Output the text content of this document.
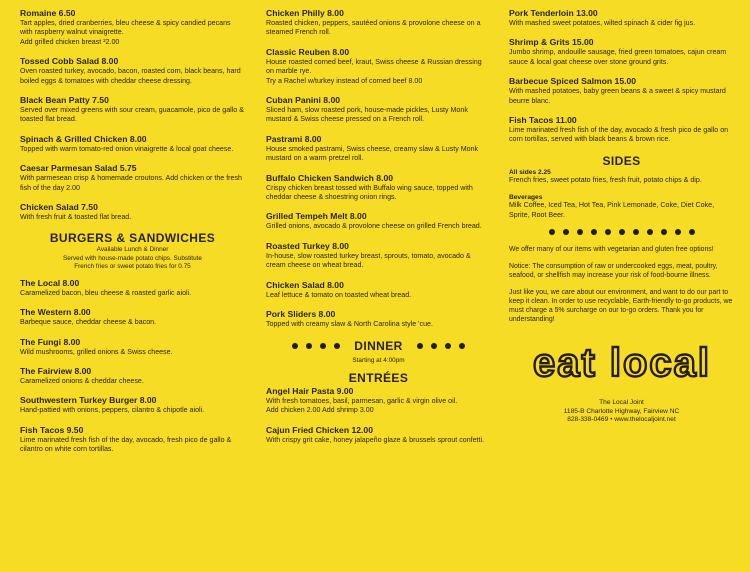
Romaine 6.50
Tart apples, dried cranberries, bleu cheese & spicy candied pecans with raspberry walnut vinaigrette.
Add grilled chicken breast ²2.00
Tossed Cobb Salad 8.00
Oven roasted turkey, avocado, bacon, roasted corn, black beans, hard boiled eggs & tomatoes with cheddar cheese dressing.
Black Bean Patty 7.50
Served over mixed greens with sour cream, guacamole, pico de gallo & toasted flat bread.
Spinach & Grilled Chicken 8.00
Topped with warm tomato-red onion vinaigrette & local goat cheese.
Caesar Parmesan Salad 5.75
With parmesean crisp & homemade croutons. Add chicken or the fresh fish of the day 2.00
Chicken Salad 7.50
With fresh fruit & toasted flat bread.
BURGERS & SANDWICHES
Available Lunch & Dinner
Served with house-made potato chips. Substitute
French fries or sweet potato fries for 0.75
The Local 8.00
Caramelized bacon, bleu cheese & roasted garlic aioli.
The Western 8.00
Barbeque sauce, cheddar cheese & bacon.
The Fungi 8.00
Wild mushrooms, grilled onions & Swiss cheese.
The Fairview 8.00
Caramelized onions & cheddar cheese.
Southwestern Turkey Burger 8.00
Hand-pattied with onions, peppers, cilantro & chipotle aioli.
Fish Tacos 9.50
Lime marinated fresh fish of the day, avocado, fresh pico de gallo & cilantro on white corn tortillas.
Chicken Philly 8.00
Roasted chicken, peppers, sautéed onions & provolone cheese on a steamed French roll.
Classic Reuben 8.00
House roasted corned beef, kraut, Swiss cheese & Russian dressing on marble rye.
Try a Rachel w/turkey instead of corned beef 8.00
Cuban Panini 8.00
Sliced ham, slow roasted pork, house-made pickles, Lusty Monk mustard & Swiss cheese pressed on a French roll.
Pastrami 8.00
House smoked pastrami, Swiss cheese, creamy slaw & Lusty Monk mustard on a warm pretzel roll.
Buffalo Chicken Sandwich 8.00
Crispy chicken breast tossed with Buffalo wing sauce, topped with cheddar cheese & shoestring onion rings.
Grilled Tempeh Melt 8.00
Grilled onions, avocado & provolone cheese on grilled French bread.
Roasted Turkey 8.00
In-house, slow roasted turkey breast, sprouts, tomato, avocado & cream cheese on wheat bread.
Chicken Salad 8.00
Leaf lettuce & tomato on toasted wheat bread.
Pork Sliders 8.00
Topped with creamy slaw & North Carolina style 'cue.
DINNER
Starting at 4:00pm
ENTRÉES
Angel Hair Pasta 9.00
With fresh tomatoes, basil, parmesan, garlic & virgin olive oil.
Add chicken 2.00 Add shrimp 3.00
Cajun Fried Chicken 12.00
With crispy grit cake, honey jalapeño glaze & brussels sprout confetti.
Pork Tenderloin 13.00
With mashed sweet potatoes, wilted spinach & cider fig jus.
Shrimp & Grits 15.00
Jumbo shrimp, andouille sausage, fried green tomatoes, cajun cream sauce & local goat cheese over stone ground grits.
Barbecue Spiced Salmon 15.00
With mashed potatoes, baby green beans & a sweet & spicy mustard beurre blanc.
Fish Tacos 11.00
Lime marinated fresh fish of the day, avocado & fresh pico de gallo on corn tortillas, served with black beans & brown rice.
SIDES
All sides 2.25
French fries, sweet potato fries, fresh fruit, potato chips & dip.
Beverages
Milk Coffee, Iced Tea, Hot Tea, Pink Lemonade, Coke, Diet Coke, Sprite, Root Beer.
We offer many of our items with vegetarian and gluten free options!
Notice: The consumption of raw or undercooked eggs, meat, poultry, seafood, or shellfish may increase your risk of food-bourne illness.
Just like you, we care about our environment, and want to do our part to keep it clean. In order to use recyclable, Earth-friendly to-go products, we must charge a 5% surcharge on our to-go orders. Thank you for understanding!
eat local
The Local Joint
1185-B Charlotte Highway, Fairview NC
828-338-0469 • www.thelocaljoint.net
